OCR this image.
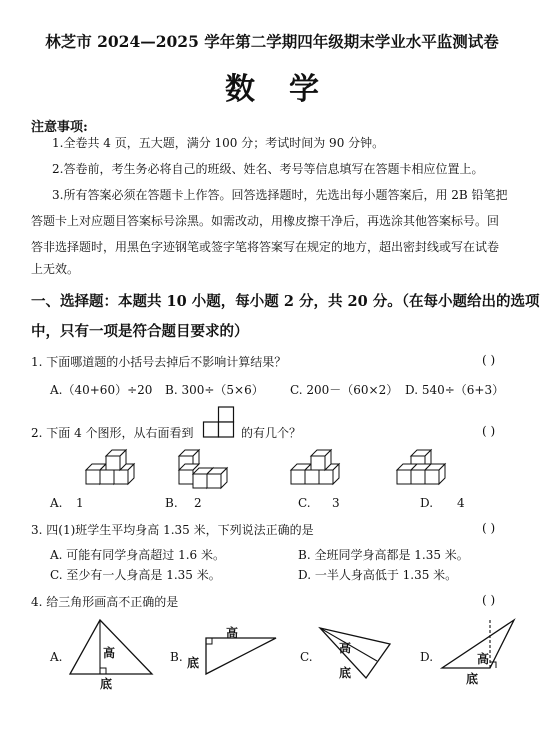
林芝市 2024—2025 学年第二学期四年级期末学业水平监测试卷
数学
注意事项:
1.全卷共 4 页，五大题，满分 100 分；考试时间为 90 分钟。
2.答卷前，考生务必将自己的班级、姓名、考号等信息填写在答题卡相应位置上。
3.所有答案必须在答题卡上作答。回答选择题时，先选出每小题答案后，用 2B 铅笔把
答题卡上对应题目答案标号涂黑。如需改动，用橡皮擦干净后，再选涂其他答案标号。回
答非选择题时，用黑色字迹钢笔或签字笔将答案写在规定的地方，超出密封线或写在试卷
上无效。
一、选择题：本题共 10 小题，每小题 2 分，共 20 分。（在每小题给出的选项
中，只有一项是符合题目要求的）
1. 下面哪道题的小括号去掉后不影响计算结果？	( )
A.（40+60）÷20 B. 300÷（5×6） C. 200－（60×2） D. 540÷（6+3）
2. 下面 4 个图形，从右面看到	的有几个？	( )
A. 1	B. 2	C. 3	D. 4
3. 四(1)班学生平均身高 1.35 米，下列说法正确的是	( )
A. 可能有同学身高超过 1.6 米。	B. 全班同学身高都是 1.35 米。
C. 至少有一人身高是 1.35 米。	D. 一半人身高低于 1.35 米。
4. 给三角形画高不正确的是	( )
A.	高
底
B.
高
底	C.
高
底
D.	高
底
